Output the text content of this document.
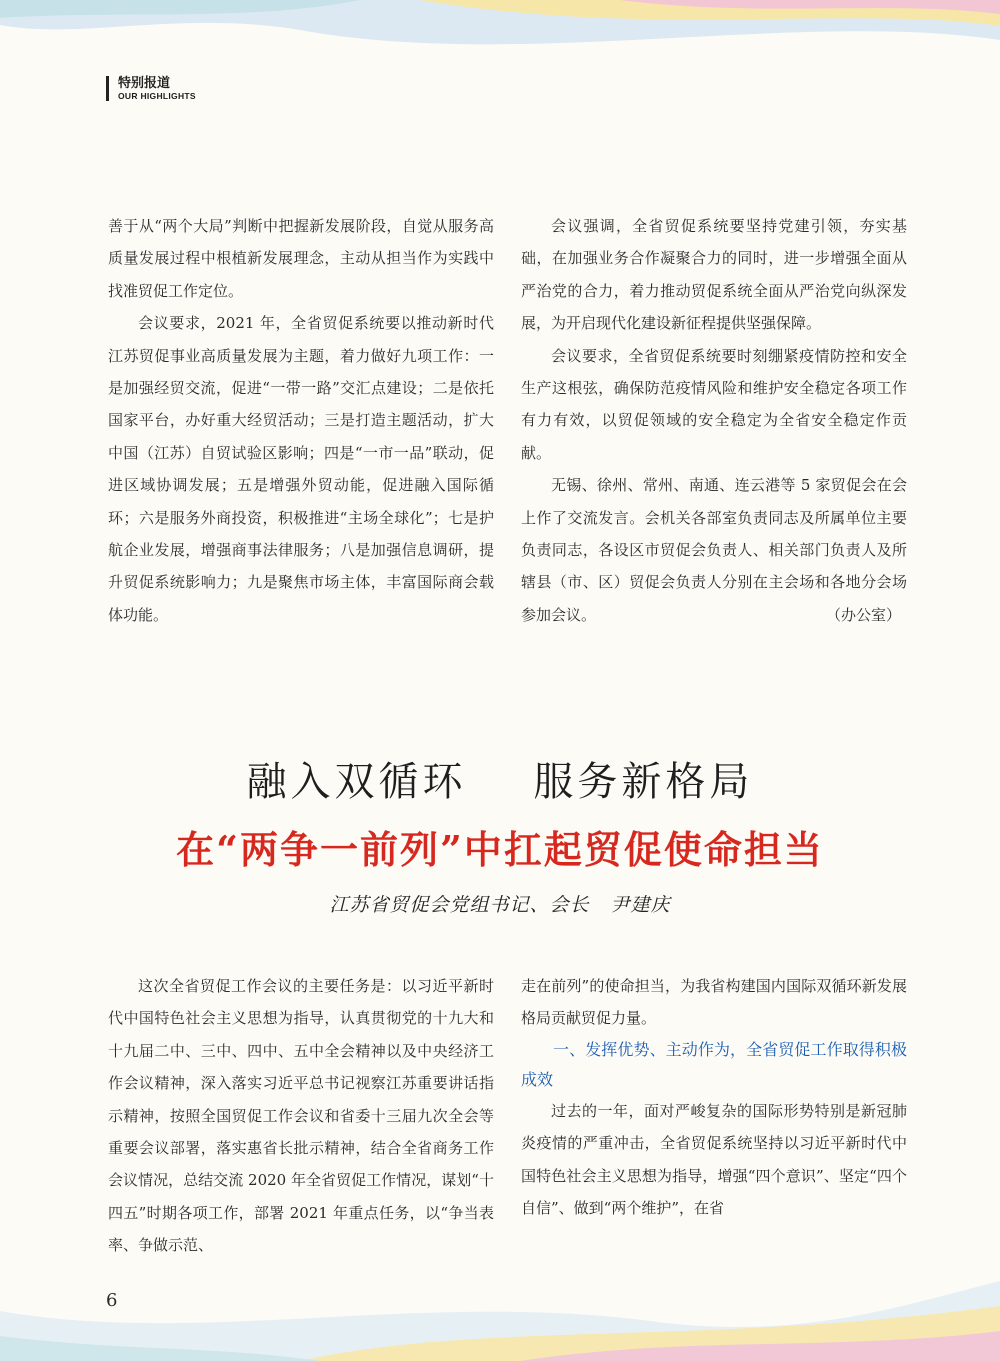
特别报道
OUR HIGHLIGHTS

善于从“两个大局”判断中把握新发展阶段，自觉从服务高质量发展过程中根植新发展理念，主动从担当作为实践中找准贸促工作定位。

会议要求，2021 年，全省贸促系统要以推动新时代江苏贸促事业高质量发展为主题，着力做好九项工作：一是加强经贸交流，促进“一带一路”交汇点建设；二是依托国家平台，办好重大经贸活动；三是打造主题活动，扩大中国（江苏）自贸试验区影响；四是“一市一品”联动，促进区域协调发展；五是增强外贸动能，促进融入国际循环；六是服务外商投资，积极推进“主场全球化”；七是护航企业发展，增强商事法律服务；八是加强信息调研，提升贸促系统影响力；九是聚焦市场主体，丰富国际商会载体功能。

会议强调，全省贸促系统要坚持党建引领，夯实基础，在加强业务合作凝聚合力的同时，进一步增强全面从严治党的合力，着力推动贸促系统全面从严治党向纵深发展，为开启现代化建设新征程提供坚强保障。

会议要求，全省贸促系统要时刻绷紧疫情防控和安全生产这根弦，确保防范疫情风险和维护安全稳定各项工作有力有效，以贸促领域的安全稳定为全省安全稳定作贡献。

无锡、徐州、常州、南通、连云港等 5 家贸促会在会上作了交流发言。会机关各部室负责同志及所属单位主要负责同志，各设区市贸促会负责人、相关部门负责人及所辖县（市、区）贸促会负责人分别在主会场和各地分会场参加会议。	（办公室）

融入双循环    服务新格局
在“两争一前列”中扛起贸促使命担当
江苏省贸促会党组书记、会长   尹建庆

这次全省贸促工作会议的主要任务是：以习近平新时代中国特色社会主义思想为指导，认真贯彻党的十九大和十九届二中、三中、四中、五中全会精神以及中央经济工作会议精神，深入落实习近平总书记视察江苏重要讲话指示精神，按照全国贸促工作会议和省委十三届九次全会等重要会议部署，落实惠省长批示精神，结合全省商务工作会议情况，总结交流 2020 年全省贸促工作情况，谋划“十四五”时期各项工作，部署 2021 年重点任务，以“争当表率、争做示范、

走在前列”的使命担当，为我省构建国内国际双循环新发展格局贡献贸促力量。

一、发挥优势、主动作为，全省贸促工作取得积极成效

过去的一年，面对严峻复杂的国际形势特别是新冠肺炎疫情的严重冲击，全省贸促系统坚持以习近平新时代中国特色社会主义思想为指导，增强“四个意识”、坚定“四个自信”、做到“两个维护”，在省

6
